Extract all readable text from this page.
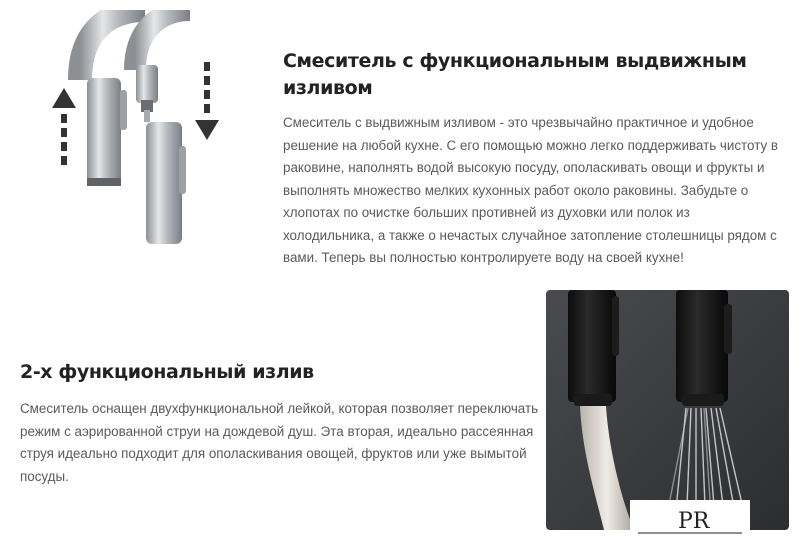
Смеситель с функциональным выдвижным изливом

Смеситель с выдвижным изливом - это чрезвычайно практичное и удобное решение на любой кухне. С его помощью можно легко поддерживать чистоту в раковине, наполнять водой высокую посуду, ополаскивать овощи и фрукты и выполнять множество мелких кухонных работ около раковины. Забудьте о хлопотах по очистке больших противней из духовки или полок из холодильника, а также о нечастых случайное затопление столешницы рядом с вами. Теперь вы полностью контролируете воду на своей кухне!

2-х функциональный излив

Смеситель оснащен двухфункциональной лейкой, которая позволяет переключать режим с аэрированной струи на дождевой душ. Эта вторая, идеально рассеянная струя идеально подходит для ополаскивания овощей, фруктов или уже вымытой посуды.

PR
